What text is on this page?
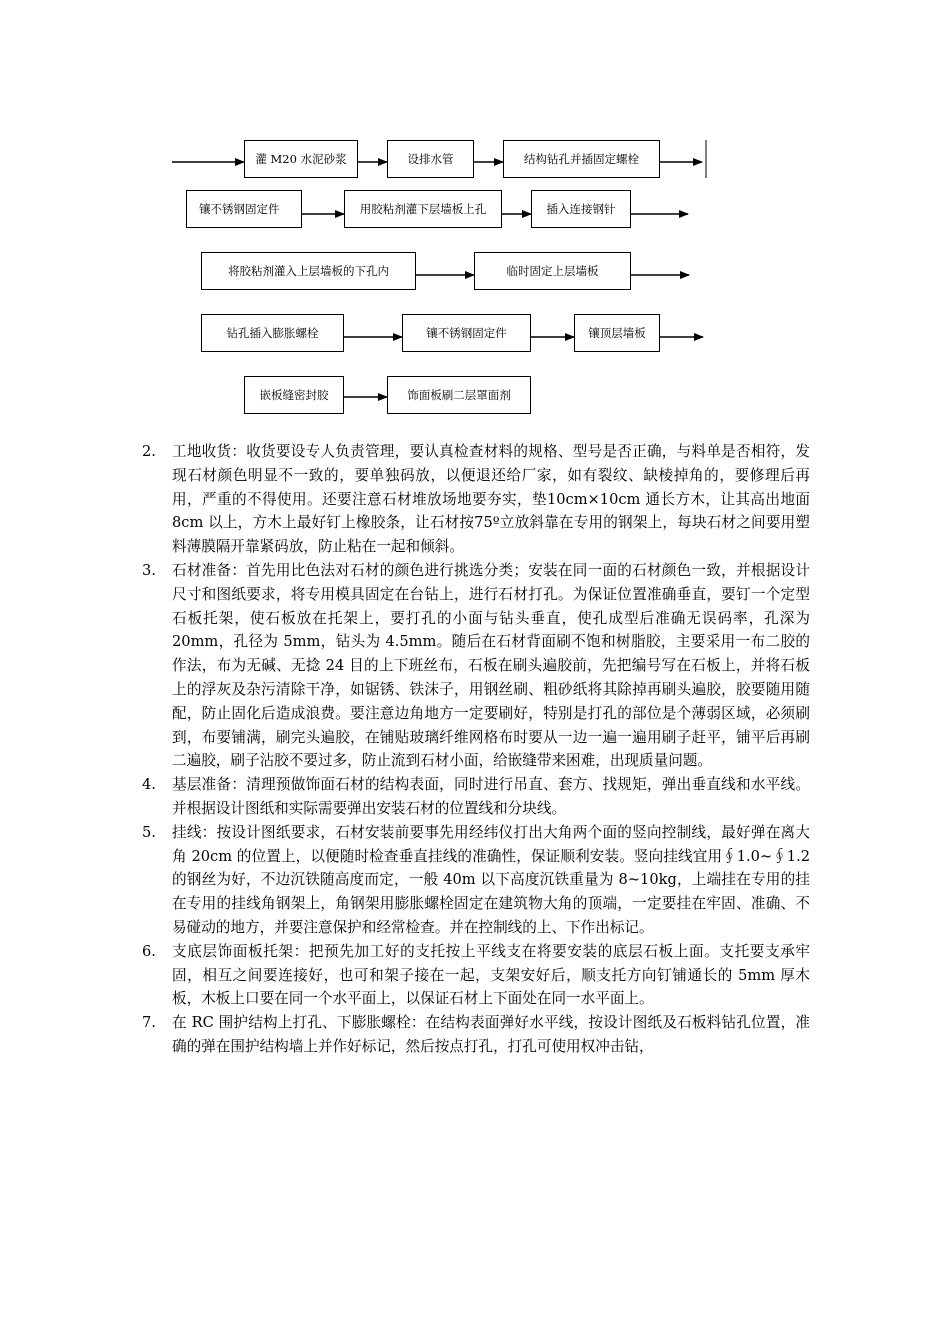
灌 M20 水泥砂浆	设排水管	结构钻孔并插固定螺栓
镶不锈钢固定件	用胶粘剂灌下层墙板上孔	插入连接钢针
将胶粘剂灌入上层墙板的下孔内	临时固定上层墙板
钻孔插入膨胀螺栓	镶不锈钢固定件	镶顶层墙板
嵌板缝密封胶	饰面板刷二层罩面剂
2.	工地收货：收货要设专人负责管理，要认真检查材料的规格、型号是否正确，与料单是否相符，发现石材颜色明显不一致的，要单独码放，以便退还给厂家，如有裂纹、缺棱掉角的，要修理后再用，严重的不得使用。还要注意石材堆放场地要夯实，垫10cm×10cm 通长方木，让其高出地面 8cm 以上，方木上最好钉上橡胶条，让石材按75º立放斜靠在专用的钢架上，每块石材之间要用塑料薄膜隔开靠紧码放，防止粘在一起和倾斜。
3.	石材准备：首先用比色法对石材的颜色进行挑选分类；安装在同一面的石材颜色一致，并根据设计尺寸和图纸要求，将专用模具固定在台钻上，进行石材打孔。为保证位置准确垂直，要钉一个定型石板托架，使石板放在托架上，要打孔的小面与钻头垂直，使孔成型后准确无误码率，孔深为 20mm，孔径为 5mm，钻头为 4.5mm。随后在石材背面刷不饱和树脂胶，主要采用一布二胶的作法，布为无碱、无捻 24 目的上下班丝布，石板在刷头遍胶前，先把编号写在石板上，并将石板上的浮灰及杂污清除干净，如锯锈、铁沫子，用钢丝刷、粗砂纸将其除掉再刷头遍胶，胶要随用随配，防止固化后造成浪费。要注意边角地方一定要刷好，特别是打孔的部位是个薄弱区域，必须刷到，布要铺满，刷完头遍胶，在铺贴玻璃纤维网格布时要从一边一遍一遍用刷子赶平，铺平后再刷二遍胶，刷子沾胶不要过多，防止流到石材小面，给嵌缝带来困难，出现质量问题。
4.	基层准备：清理预做饰面石材的结构表面，同时进行吊直、套方、找规矩，弹出垂直线和水平线。并根据设计图纸和实际需要弹出安装石材的位置线和分块线。
5.	挂线：按设计图纸要求，石材安装前要事先用经纬仪打出大角两个面的竖向控制线，最好弹在离大角 20cm 的位置上，以便随时检查垂直挂线的准确性，保证顺利安装。竖向挂线宜用∮1.0~∮1.2 的钢丝为好，不边沉铁随高度而定，一般 40m 以下高度沉铁重量为 8~10kg，上端挂在专用的挂在专用的挂线角钢架上，角钢架用膨胀螺栓固定在建筑物大角的顶端，一定要挂在牢固、准确、不易碰动的地方，并要注意保护和经常检查。并在控制线的上、下作出标记。
6.	支底层饰面板托架：把预先加工好的支托按上平线支在将要安装的底层石板上面。支托要支承牢固，相互之间要连接好，也可和架子接在一起，支架安好后，顺支托方向钉铺通长的 5mm 厚木板，木板上口要在同一个水平面上，以保证石材上下面处在同一水平面上。
7.	在 RC 围护结构上打孔、下膨胀螺栓：在结构表面弹好水平线，按设计图纸及石板料钻孔位置，准确的弹在围护结构墙上并作好标记，然后按点打孔，打孔可使用权冲击钻，
